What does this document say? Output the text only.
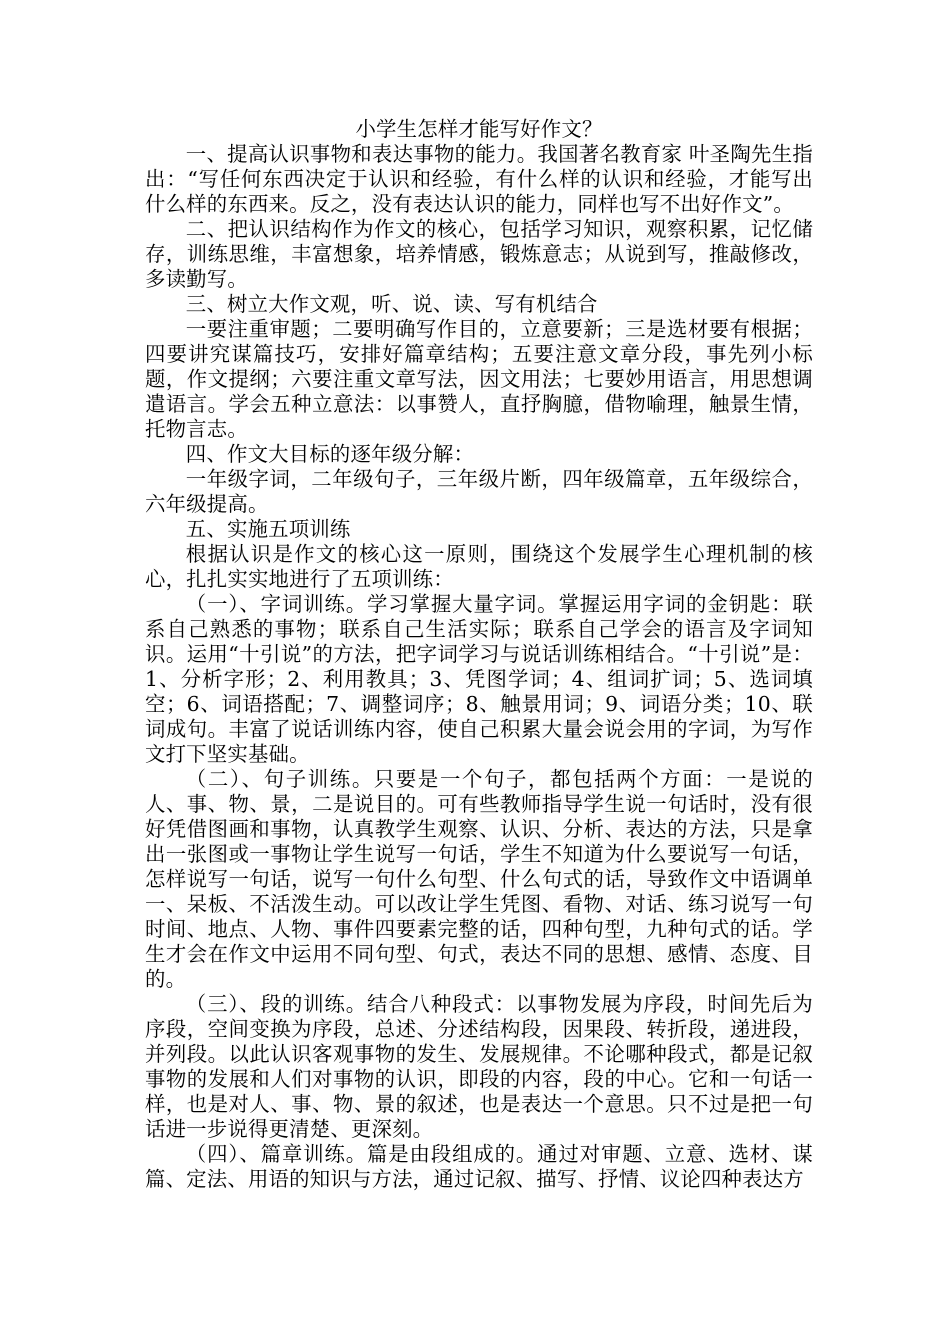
小学生怎样才能写好作文？

一、提高认识事物和表达事物的能力。我国著名教育家 叶圣陶先生指出：“写任何东西决定于认识和经验，有什么样的认识和经验，才能写出什么样的东西来。反之，没有表达认识的能力，同样也写不出好作文”。

二、把认识结构作为作文的核心，包括学习知识，观察积累，记忆储存，训练思维，丰富想象，培养情感，锻炼意志；从说到写，推敲修改，多读勤写。

三、树立大作文观，听、说、读、写有机结合

一要注重审题；二要明确写作目的，立意要新；三是选材要有根据；四要讲究谋篇技巧，安排好篇章结构；五要注意文章分段，事先列小标题，作文提纲；六要注重文章写法，因文用法；七要妙用语言，用思想调遣语言。学会五种立意法：以事赞人，直抒胸臆，借物喻理，触景生情，托物言志。

四、作文大目标的逐年级分解：

一年级字词，二年级句子，三年级片断，四年级篇章，五年级综合，六年级提高。

五、实施五项训练

根据认识是作文的核心这一原则，围绕这个发展学生心理机制的核心，扎扎实实地进行了五项训练：

（一）、字词训练。学习掌握大量字词。掌握运用字词的金钥匙：联系自己熟悉的事物；联系自己生活实际；联系自己学会的语言及字词知识。运用“十引说”的方法，把字词学习与说话训练相结合。“十引说”是：1、分析字形；2、利用教具；3、凭图学词；4、组词扩词；5、选词填空；6、词语搭配；7、调整词序；8、触景用词；9、词语分类；10、联词成句。丰富了说话训练内容，使自己积累大量会说会用的字词，为写作文打下坚实基础。

（二）、句子训练。只要是一个句子，都包括两个方面：一是说的人、事、物、景，二是说目的。可有些教师指导学生说一句话时，没有很好凭借图画和事物，认真教学生观察、认识、分析、表达的方法，只是拿出一张图或一事物让学生说写一句话，学生不知道为什么要说写一句话，怎样说写一句话，说写一句什么句型、什么句式的话，导致作文中语调单一、呆板、不活泼生动。可以改让学生凭图、看物、对话、练习说写一句时间、地点、人物、事件四要素完整的话，四种句型，九种句式的话。学生才会在作文中运用不同句型、句式，表达不同的思想、感情、态度、目的。

（三）、段的训练。结合八种段式：以事物发展为序段，时间先后为序段，空间变换为序段，总述、分述结构段，因果段、转折段，递进段，并列段。以此认识客观事物的发生、发展规律。不论哪种段式，都是记叙事物的发展和人们对事物的认识，即段的内容，段的中心。它和一句话一样，也是对人、事、物、景的叙述，也是表达一个意思。只不过是把一句话进一步说得更清楚、更深刻。

（四）、篇章训练。篇是由段组成的。通过对审题、立意、选材、谋篇、定法、用语的知识与方法，通过记叙、描写、抒情、议论四种表达方
